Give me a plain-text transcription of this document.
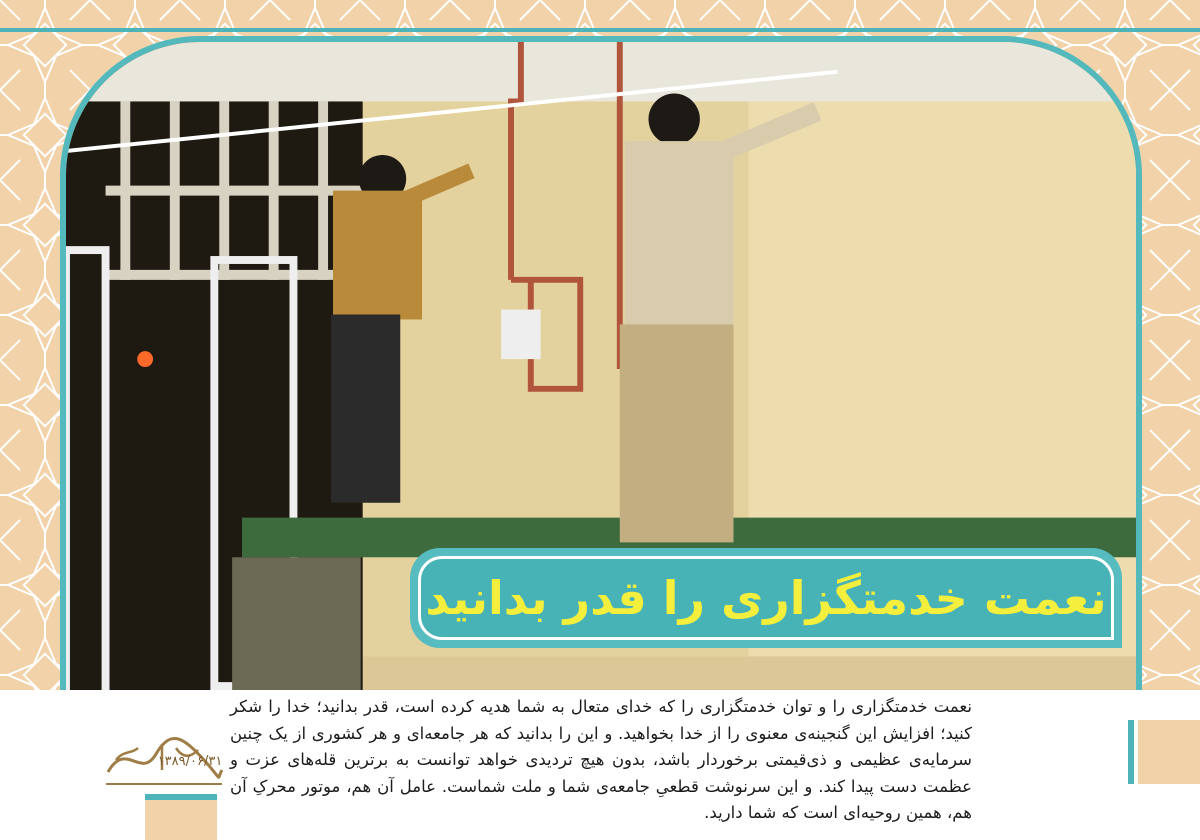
نعمت خدمتگزاری را قدر بدانید
نعمت خدمتگزاری را و توان خدمتگزاری را که خدای متعال به شما هدیه کرده است، قدر بدانید؛ خدا را شکر کنید؛ افزایش این گنجینه‌ی معنوی را از خدا بخواهید. و این را بدانید که هر جامعه‌ای و هر کشوری از یک چنین سرمایه‌ی عظیمی و ذی‌قیمتی برخوردار باشد، بدون هیچ تردیدی خواهد توانست به برترین قله‌های عزت و عظمت دست پیدا کند. و این سرنوشت قطعیِ جامعه‌ی شما و ملت شماست. عامل آن هم، موتور محرکِ آن هم، همین روحیه‌ای است که شما دارید.
۱۳۸۹/۰۶/۳۱
